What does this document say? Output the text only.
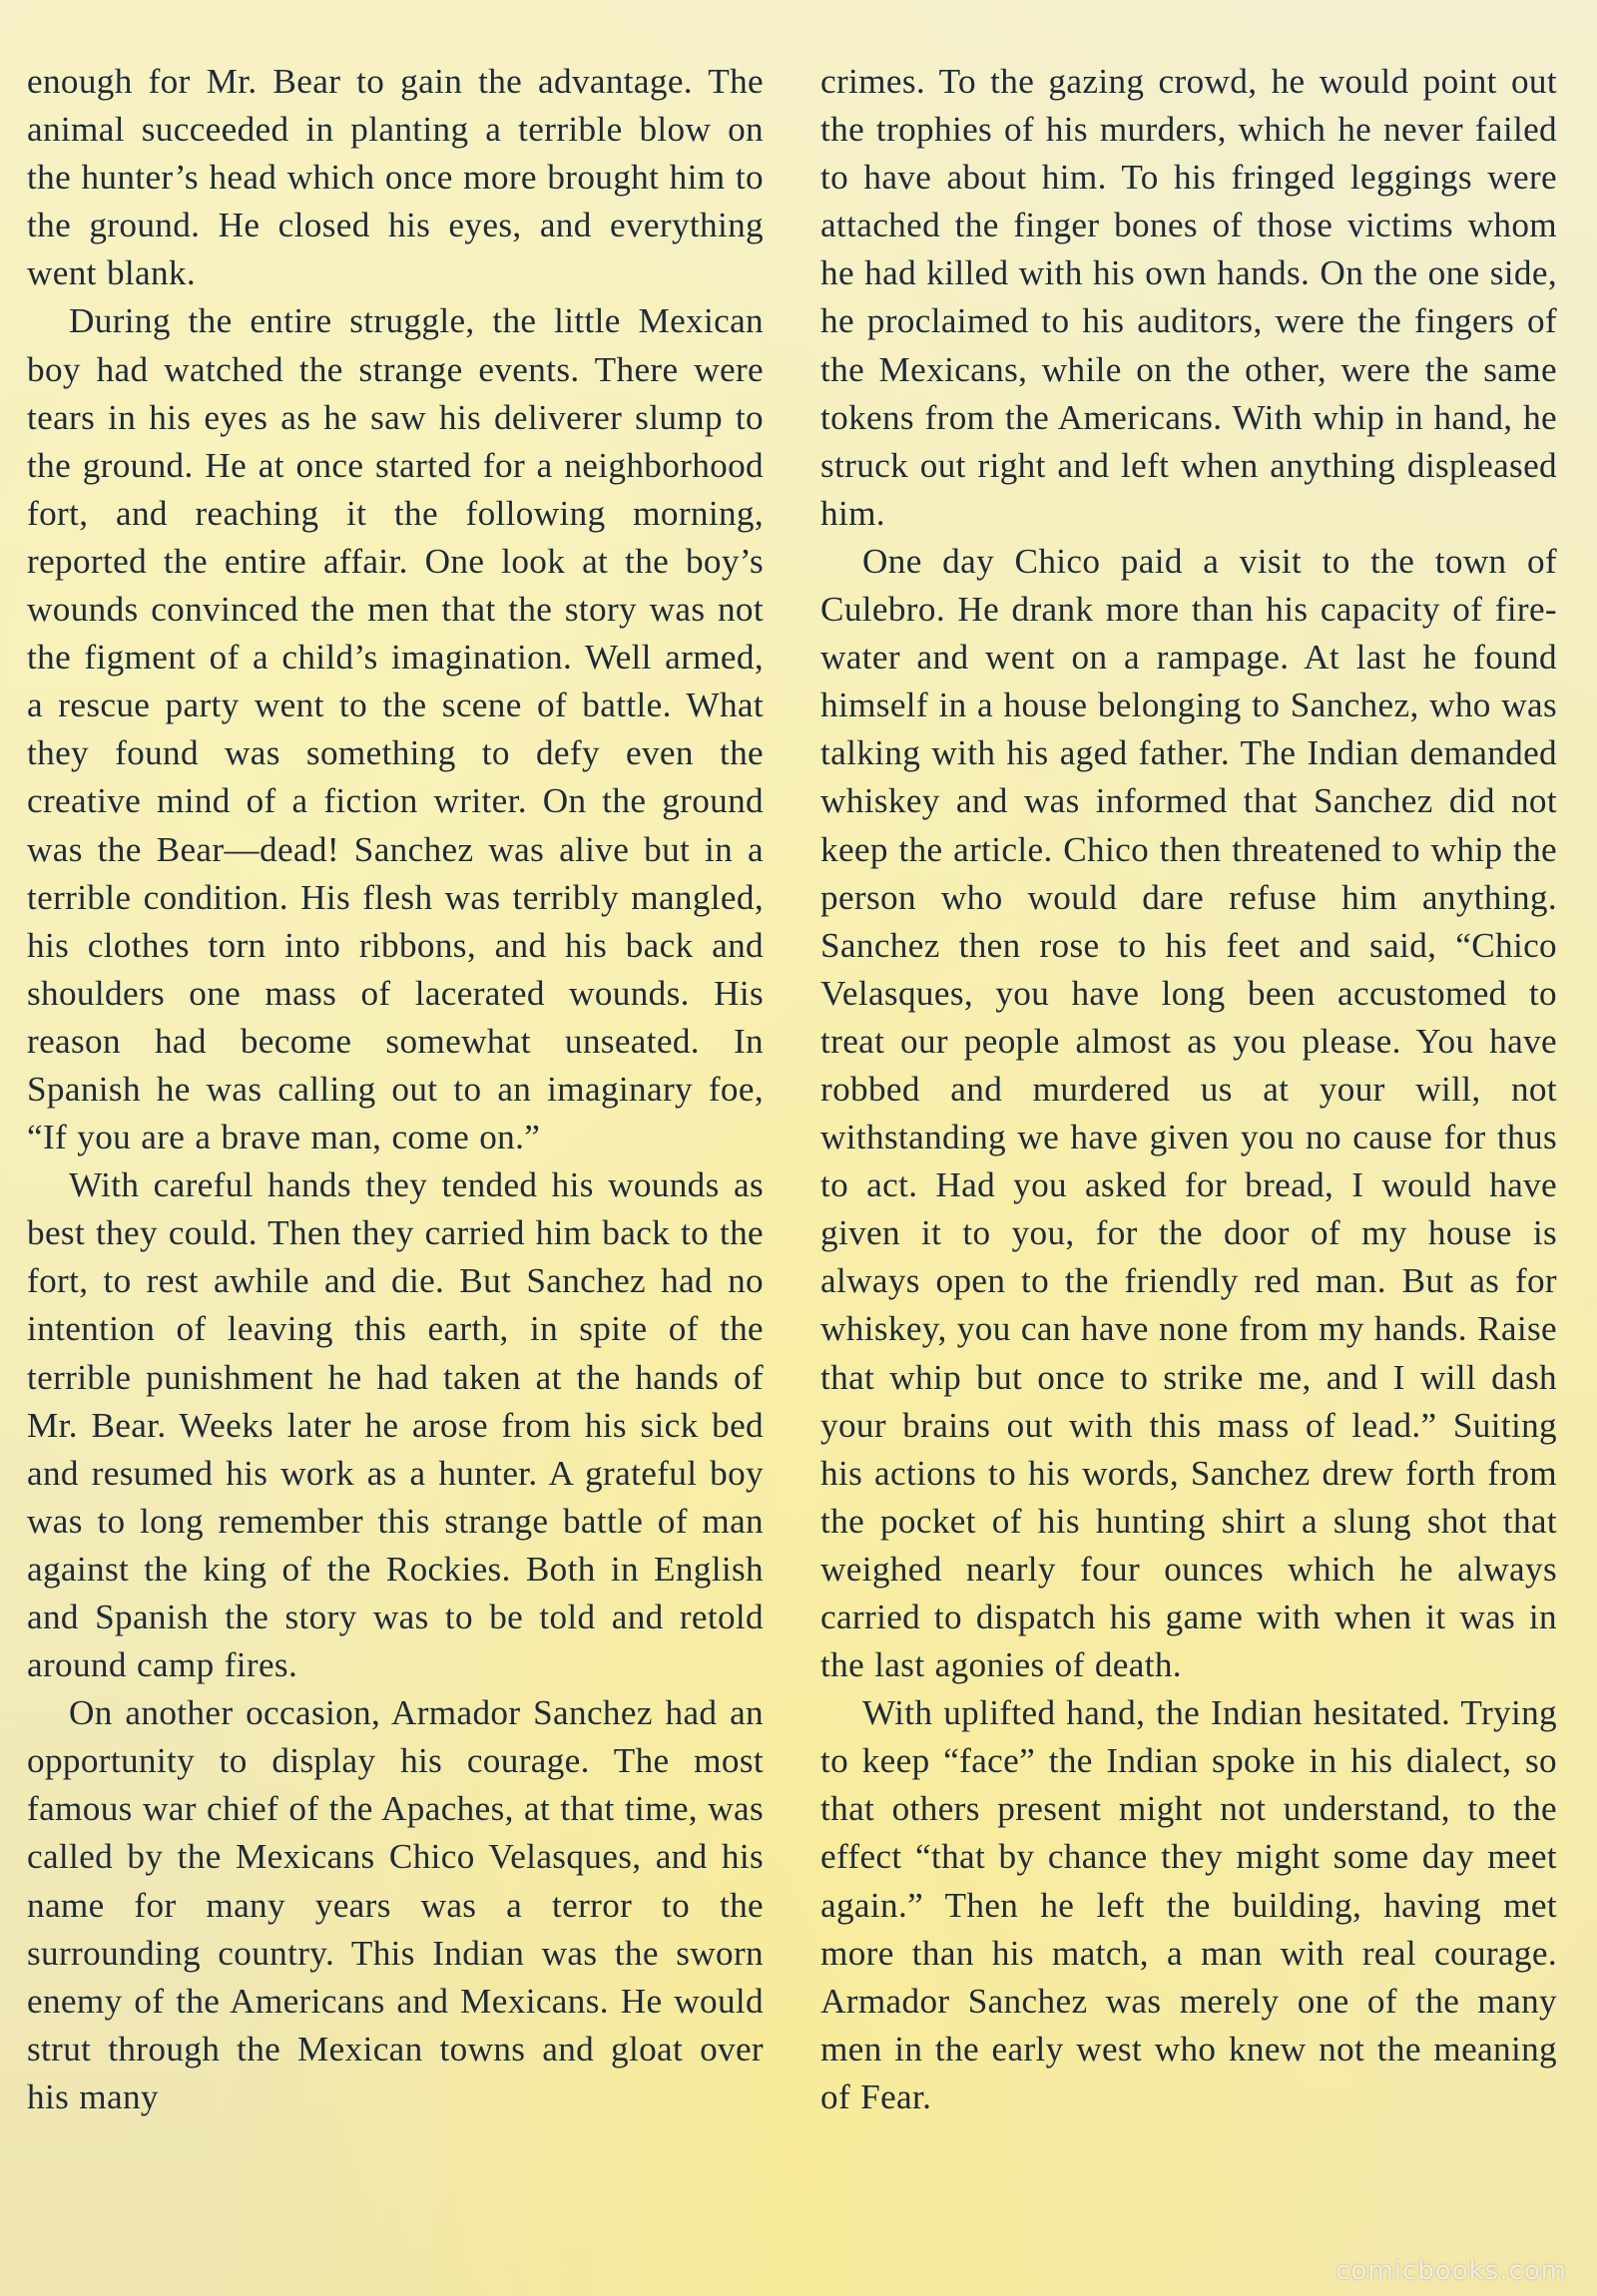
enough for Mr. Bear to gain the advantage. The animal succeeded in planting a terrible blow on the hunter’s head which once more brought him to the ground. He closed his eyes, and everything went blank.

During the entire struggle, the little Mexican boy had watched the strange events. There were tears in his eyes as he saw his deliverer slump to the ground. He at once started for a neighborhood fort, and reaching it the following morning, reported the entire affair. One look at the boy’s wounds convinced the men that the story was not the figment of a child’s imagination. Well armed, a rescue party went to the scene of battle. What they found was something to defy even the creative mind of a fiction writer. On the ground was the Bear—dead! Sanchez was alive but in a terrible condition. His flesh was terribly mangled, his clothes torn into ribbons, and his back and shoulders one mass of lacerated wounds. His reason had become somewhat unseated. In Spanish he was calling out to an imaginary foe, “If you are a brave man, come on.”

With careful hands they tended his wounds as best they could. Then they carried him back to the fort, to rest awhile and die. But Sanchez had no intention of leaving this earth, in spite of the terrible punishment he had taken at the hands of Mr. Bear. Weeks later he arose from his sick bed and resumed his work as a hunter. A grateful boy was to long remember this strange battle of man against the king of the Rockies. Both in English and Spanish the story was to be told and retold around camp fires.

On another occasion, Armador Sanchez had an opportunity to display his courage. The most famous war chief of the Apaches, at that time, was called by the Mexicans Chico Velasques, and his name for many years was a terror to the surrounding country. This Indian was the sworn enemy of the Americans and Mexicans. He would strut through the Mexican towns and gloat over his many

crimes. To the gazing crowd, he would point out the trophies of his murders, which he never failed to have about him. To his fringed leggings were attached the finger bones of those victims whom he had killed with his own hands. On the one side, he proclaimed to his auditors, were the fingers of the Mexicans, while on the other, were the same tokens from the Americans. With whip in hand, he struck out right and left when anything displeased him.

One day Chico paid a visit to the town of Culebro. He drank more than his capacity of fire-water and went on a rampage. At last he found himself in a house belonging to Sanchez, who was talking with his aged father. The Indian demanded whiskey and was informed that Sanchez did not keep the article. Chico then threatened to whip the person who would dare refuse him anything. Sanchez then rose to his feet and said, “Chico Velasques, you have long been accustomed to treat our people almost as you please. You have robbed and murdered us at your will, not withstanding we have given you no cause for thus to act. Had you asked for bread, I would have given it to you, for the door of my house is always open to the friendly red man. But as for whiskey, you can have none from my hands. Raise that whip but once to strike me, and I will dash your brains out with this mass of lead.” Suiting his actions to his words, Sanchez drew forth from the pocket of his hunting shirt a slung shot that weighed nearly four ounces which he always carried to dispatch his game with when it was in the last agonies of death.

With uplifted hand, the Indian hesitated. Trying to keep “face” the Indian spoke in his dialect, so that others present might not understand, to the effect “that by chance they might some day meet again.” Then he left the building, having met more than his match, a man with real courage. Armador Sanchez was merely one of the many men in the early west who knew not the meaning of Fear.

comicbooks.com
